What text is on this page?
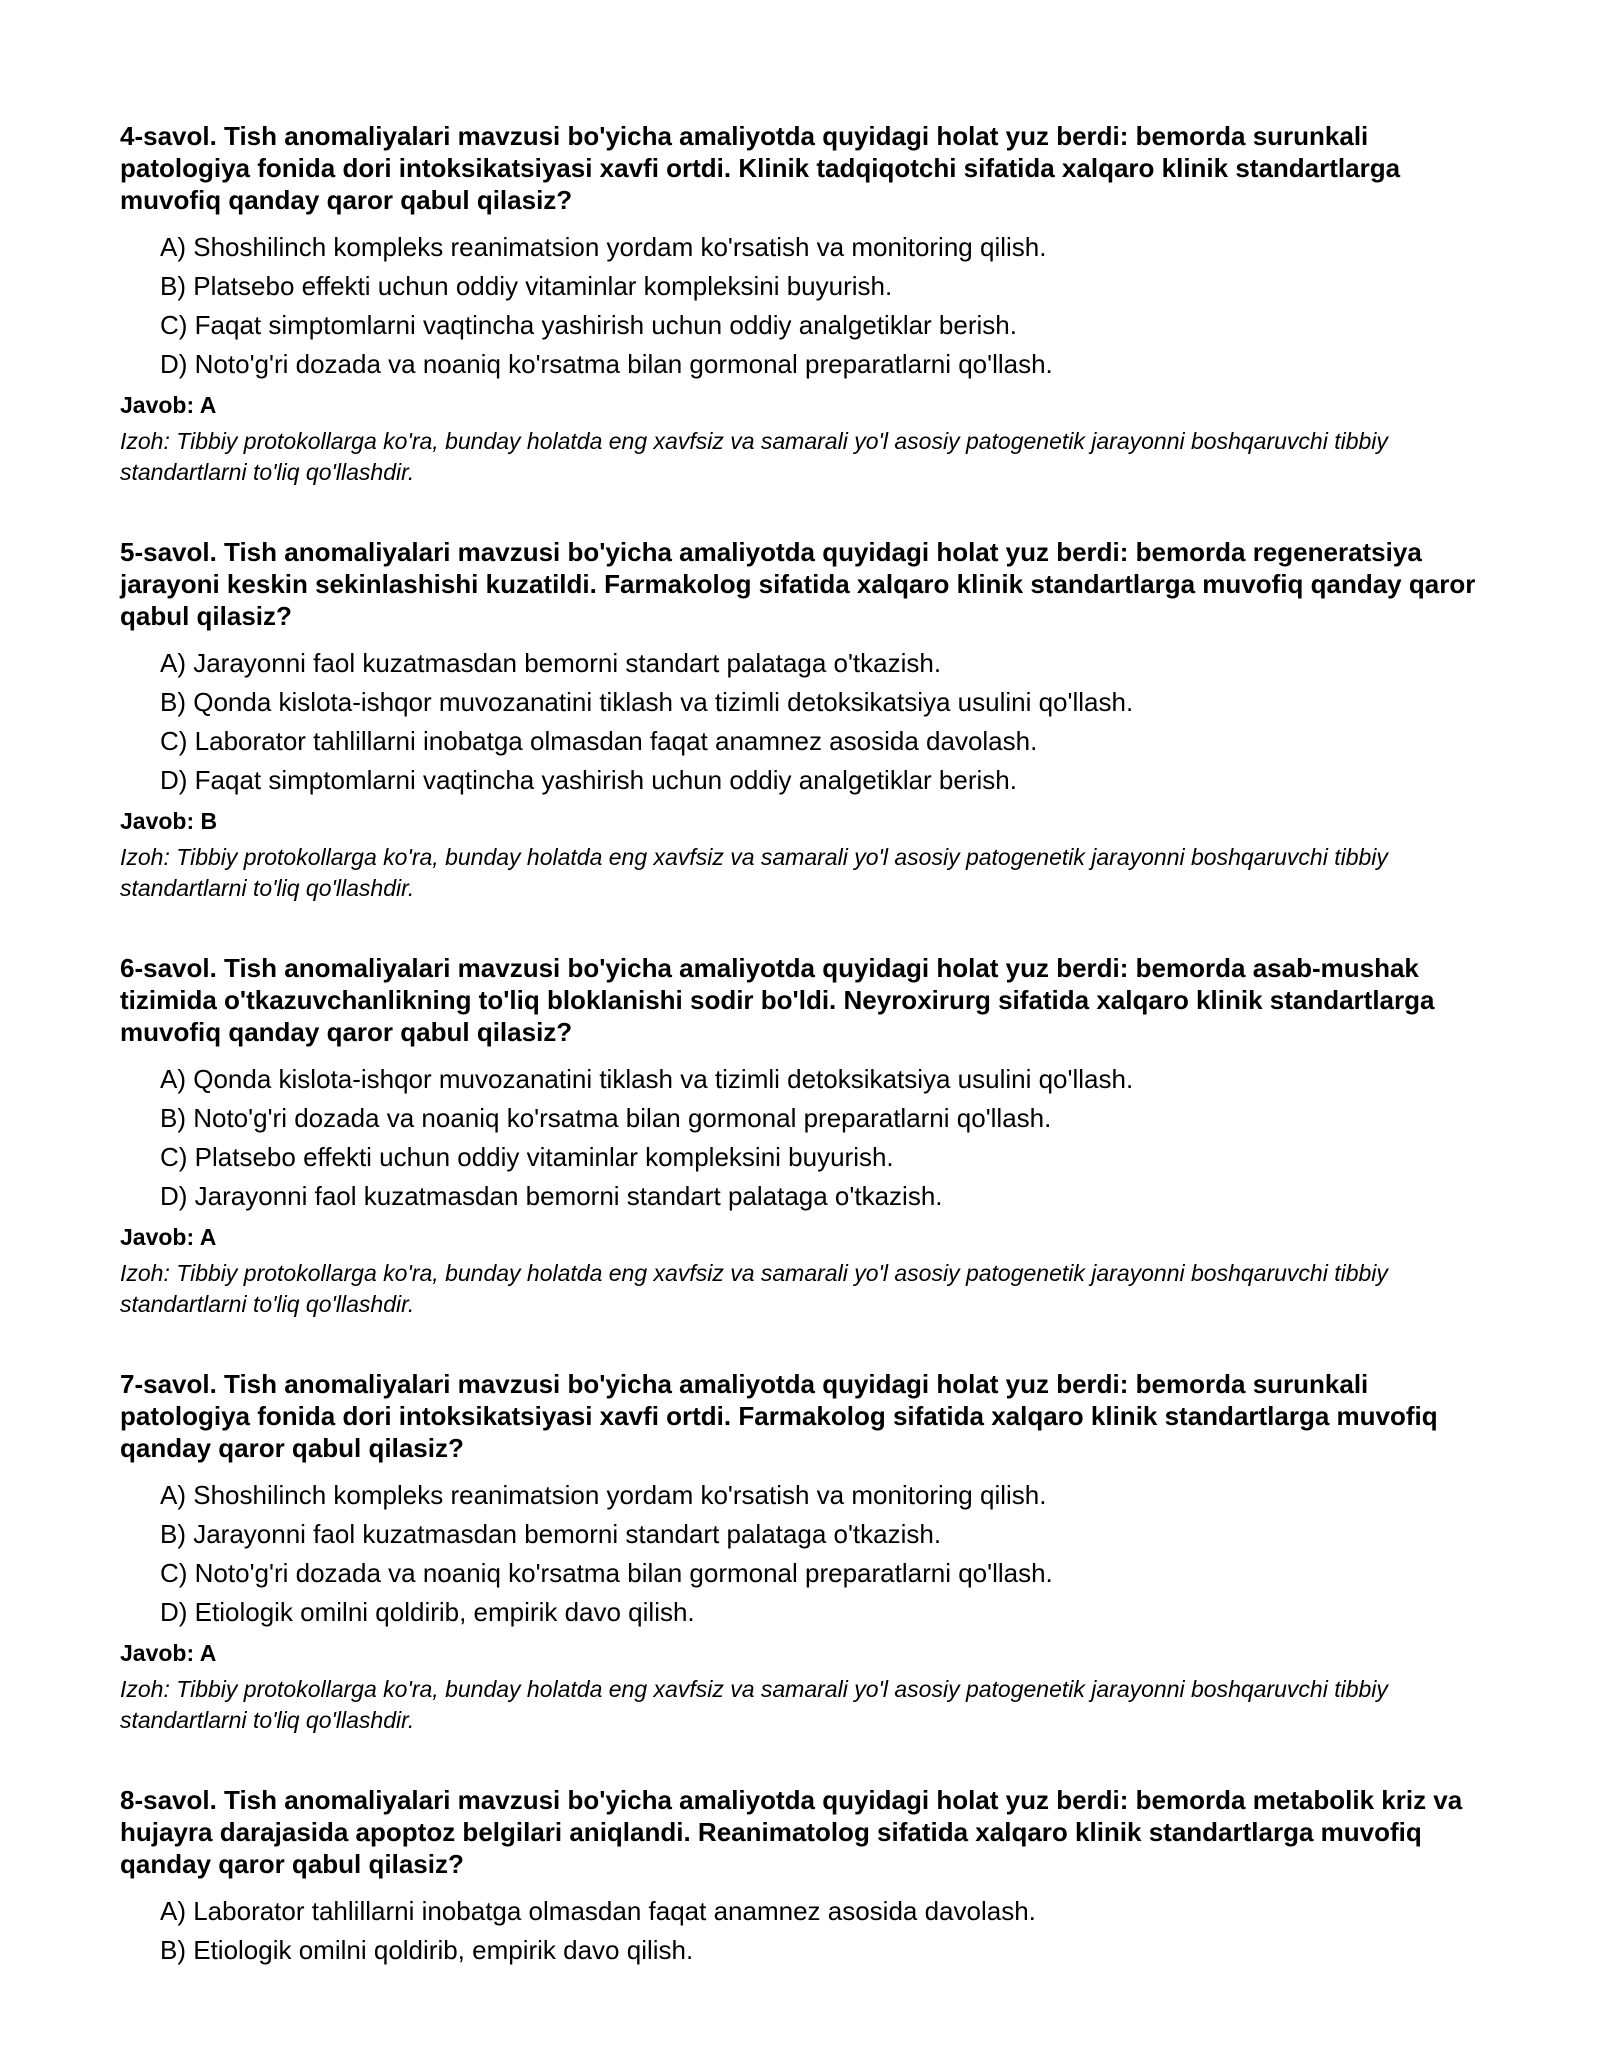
4-savol. Tish anomaliyalari mavzusi bo'yicha amaliyotda quyidagi holat yuz berdi: bemorda surunkali patologiya fonida dori intoksikatsiyasi xavfi ortdi. Klinik tadqiqotchi sifatida xalqaro klinik standartlarga muvofiq qanday qaror qabul qilasiz?

A) Shoshilinch kompleks reanimatsion yordam ko'rsatish va monitoring qilish.
B) Platsebo effekti uchun oddiy vitaminlar kompleksini buyurish.
C) Faqat simptomlarni vaqtincha yashirish uchun oddiy analgetiklar berish.
D) Noto'g'ri dozada va noaniq ko'rsatma bilan gormonal preparatlarni qo'llash.

Javob: A

Izoh: Tibbiy protokollarga ko'ra, bunday holatda eng xavfsiz va samarali yo'l asosiy patogenetik jarayonni boshqaruvchi tibbiy standartlarni to'liq qo'llashdir.

5-savol. Tish anomaliyalari mavzusi bo'yicha amaliyotda quyidagi holat yuz berdi: bemorda regeneratsiya jarayoni keskin sekinlashishi kuzatildi. Farmakolog sifatida xalqaro klinik standartlarga muvofiq qanday qaror qabul qilasiz?

A) Jarayonni faol kuzatmasdan bemorni standart palataga o'tkazish.
B) Qonda kislota-ishqor muvozanatini tiklash va tizimli detoksikatsiya usulini qo'llash.
C) Laborator tahlillarni inobatga olmasdan faqat anamnez asosida davolash.
D) Faqat simptomlarni vaqtincha yashirish uchun oddiy analgetiklar berish.

Javob: B

Izoh: Tibbiy protokollarga ko'ra, bunday holatda eng xavfsiz va samarali yo'l asosiy patogenetik jarayonni boshqaruvchi tibbiy standartlarni to'liq qo'llashdir.

6-savol. Tish anomaliyalari mavzusi bo'yicha amaliyotda quyidagi holat yuz berdi: bemorda asab-mushak tizimida o'tkazuvchanlikning to'liq bloklanishi sodir bo'ldi. Neyroxirurg sifatida xalqaro klinik standartlarga muvofiq qanday qaror qabul qilasiz?

A) Qonda kislota-ishqor muvozanatini tiklash va tizimli detoksikatsiya usulini qo'llash.
B) Noto'g'ri dozada va noaniq ko'rsatma bilan gormonal preparatlarni qo'llash.
C) Platsebo effekti uchun oddiy vitaminlar kompleksini buyurish.
D) Jarayonni faol kuzatmasdan bemorni standart palataga o'tkazish.

Javob: A

Izoh: Tibbiy protokollarga ko'ra, bunday holatda eng xavfsiz va samarali yo'l asosiy patogenetik jarayonni boshqaruvchi tibbiy standartlarni to'liq qo'llashdir.

7-savol. Tish anomaliyalari mavzusi bo'yicha amaliyotda quyidagi holat yuz berdi: bemorda surunkali patologiya fonida dori intoksikatsiyasi xavfi ortdi. Farmakolog sifatida xalqaro klinik standartlarga muvofiq qanday qaror qabul qilasiz?

A) Shoshilinch kompleks reanimatsion yordam ko'rsatish va monitoring qilish.
B) Jarayonni faol kuzatmasdan bemorni standart palataga o'tkazish.
C) Noto'g'ri dozada va noaniq ko'rsatma bilan gormonal preparatlarni qo'llash.
D) Etiologik omilni qoldirib, empirik davo qilish.

Javob: A

Izoh: Tibbiy protokollarga ko'ra, bunday holatda eng xavfsiz va samarali yo'l asosiy patogenetik jarayonni boshqaruvchi tibbiy standartlarni to'liq qo'llashdir.

8-savol. Tish anomaliyalari mavzusi bo'yicha amaliyotda quyidagi holat yuz berdi: bemorda metabolik kriz va hujayra darajasida apoptoz belgilari aniqlandi. Reanimatolog sifatida xalqaro klinik standartlarga muvofiq qanday qaror qabul qilasiz?

A) Laborator tahlillarni inobatga olmasdan faqat anamnez asosida davolash.
B) Etiologik omilni qoldirib, empirik davo qilish.
